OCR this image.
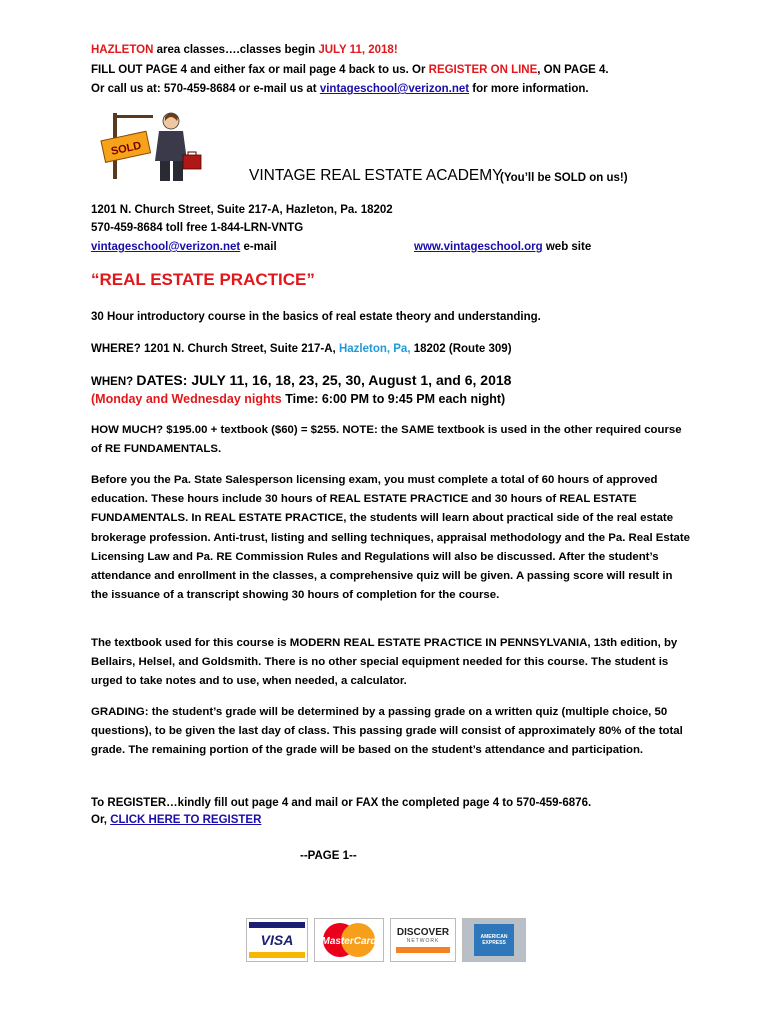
HAZLETON area classes….classes begin JULY 11, 2018!
FILL OUT PAGE 4 and either fax or mail page 4 back to us. Or REGISTER ON LINE, ON PAGE 4.
Or call us at: 570-459-8684 or e-mail us at vintageschool@verizon.net for more information.
SOLD
VINTAGE REAL ESTATE ACADEMY
(You’ll be SOLD on us!)
1201 N. Church Street, Suite 217-A, Hazleton, Pa. 18202
570-459-8684 toll free 1-844-LRN-VNTG
vintageschool@verizon.net e-mail	www.vintageschool.org web site
“REAL ESTATE PRACTICE”
30 Hour introductory course in the basics of real estate theory and understanding.
WHERE? 1201 N. Church Street, Suite 217-A, Hazleton, Pa, 18202 (Route 309)
WHEN? DATES: JULY 11, 16, 18, 23, 25, 30, August 1, and 6, 2018
(Monday and Wednesday nights Time: 6:00 PM to 9:45 PM each night)
HOW MUCH? $195.00 + textbook ($60) = $255. NOTE: the SAME textbook is used in the other required course of RE FUNDAMENTALS.
Before you the Pa. State Salesperson licensing exam, you must complete a total of 60 hours of approved education. These hours include 30 hours of REAL ESTATE PRACTICE and 30 hours of REAL ESTATE FUNDAMENTALS. In REAL ESTATE PRACTICE, the students will learn about practical side of the real estate brokerage profession. Anti-trust, listing and selling techniques, appraisal methodology and the Pa. Real Estate Licensing Law and Pa. RE Commission Rules and Regulations will also be discussed. After the student’s attendance and enrollment in the classes, a comprehensive quiz will be given. A passing score will result in the issuance of a transcript showing 30 hours of completion for the course.
The textbook used for this course is MODERN REAL ESTATE PRACTICE IN PENNSYLVANIA, 13th edition, by Bellairs, Helsel, and Goldsmith. There is no other special equipment needed for this course. The student is urged to take notes and to use, when needed, a calculator.
GRADING: the student’s grade will be determined by a passing grade on a written quiz (multiple choice, 50 questions), to be given the last day of class. This passing grade will consist of approximately 80% of the total grade. The remaining portion of the grade will be based on the student’s attendance and participation.
To REGISTER…kindly fill out page 4 and mail or FAX the completed page 4 to 570-459-6876.
Or, CLICK HERE TO REGISTER
--PAGE 1--
VISA	MasterCard
DISCOVER
NETWORK
AMERICAN EXPRESS
